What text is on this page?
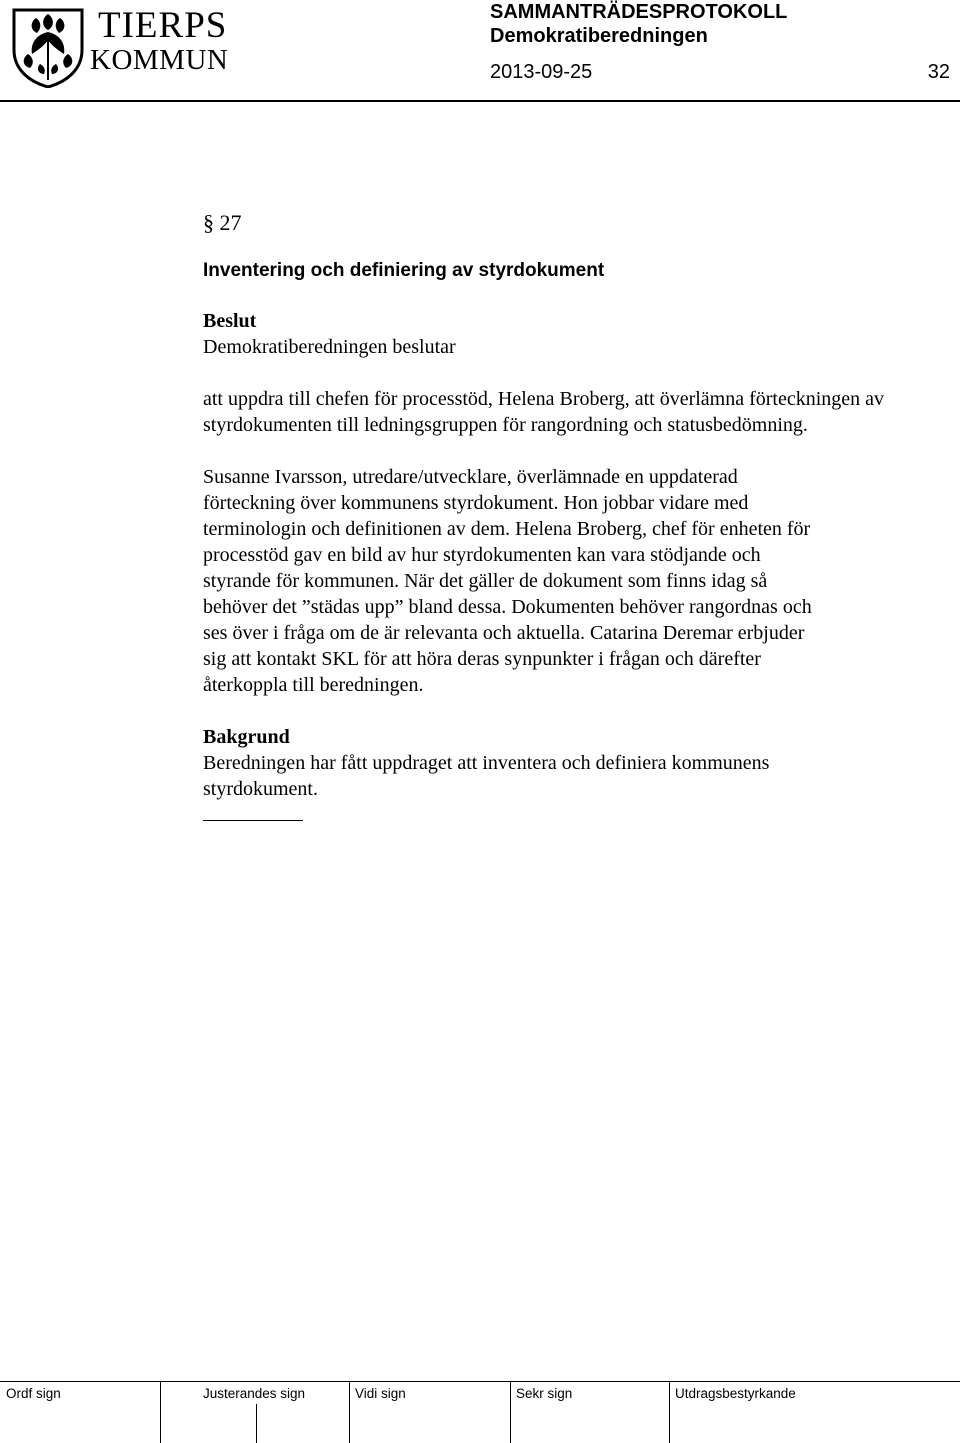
TIERPS
KOMMUN
SAMMANTRÄDESPROTOKOLL
Demokratiberedningen
2013-09-25	32
§ 27
Inventering och definiering av styrdokument

Beslut

Demokratiberedningen beslutar

att uppdra till chefen för processtöd, Helena Broberg, att överlämna förteckningen av styrdokumenten till ledningsgruppen för rangordning och statusbedömning.

Susanne Ivarsson, utredare/utvecklare, överlämnade en uppdaterad

förteckning över kommunens styrdokument. Hon jobbar vidare med

terminologin och definitionen av dem. Helena Broberg, chef för enheten för

processtöd gav en bild av hur styrdokumenten kan vara stödjande och

styrande för kommunen. När det gäller de dokument som finns idag så

behöver det ”städas upp” bland dessa. Dokumenten behöver rangordnas och

ses över i fråga om de är relevanta och aktuella. Catarina Deremar erbjuder

sig att kontakt SKL för att höra deras synpunkter i frågan och därefter

återkoppla till beredningen.

Bakgrund

Beredningen har fått uppdraget att inventera och definiera kommunens

styrdokument.

Ordf sign	Justerandes sign	Vidi sign	Sekr sign	Utdragsbestyrkande
